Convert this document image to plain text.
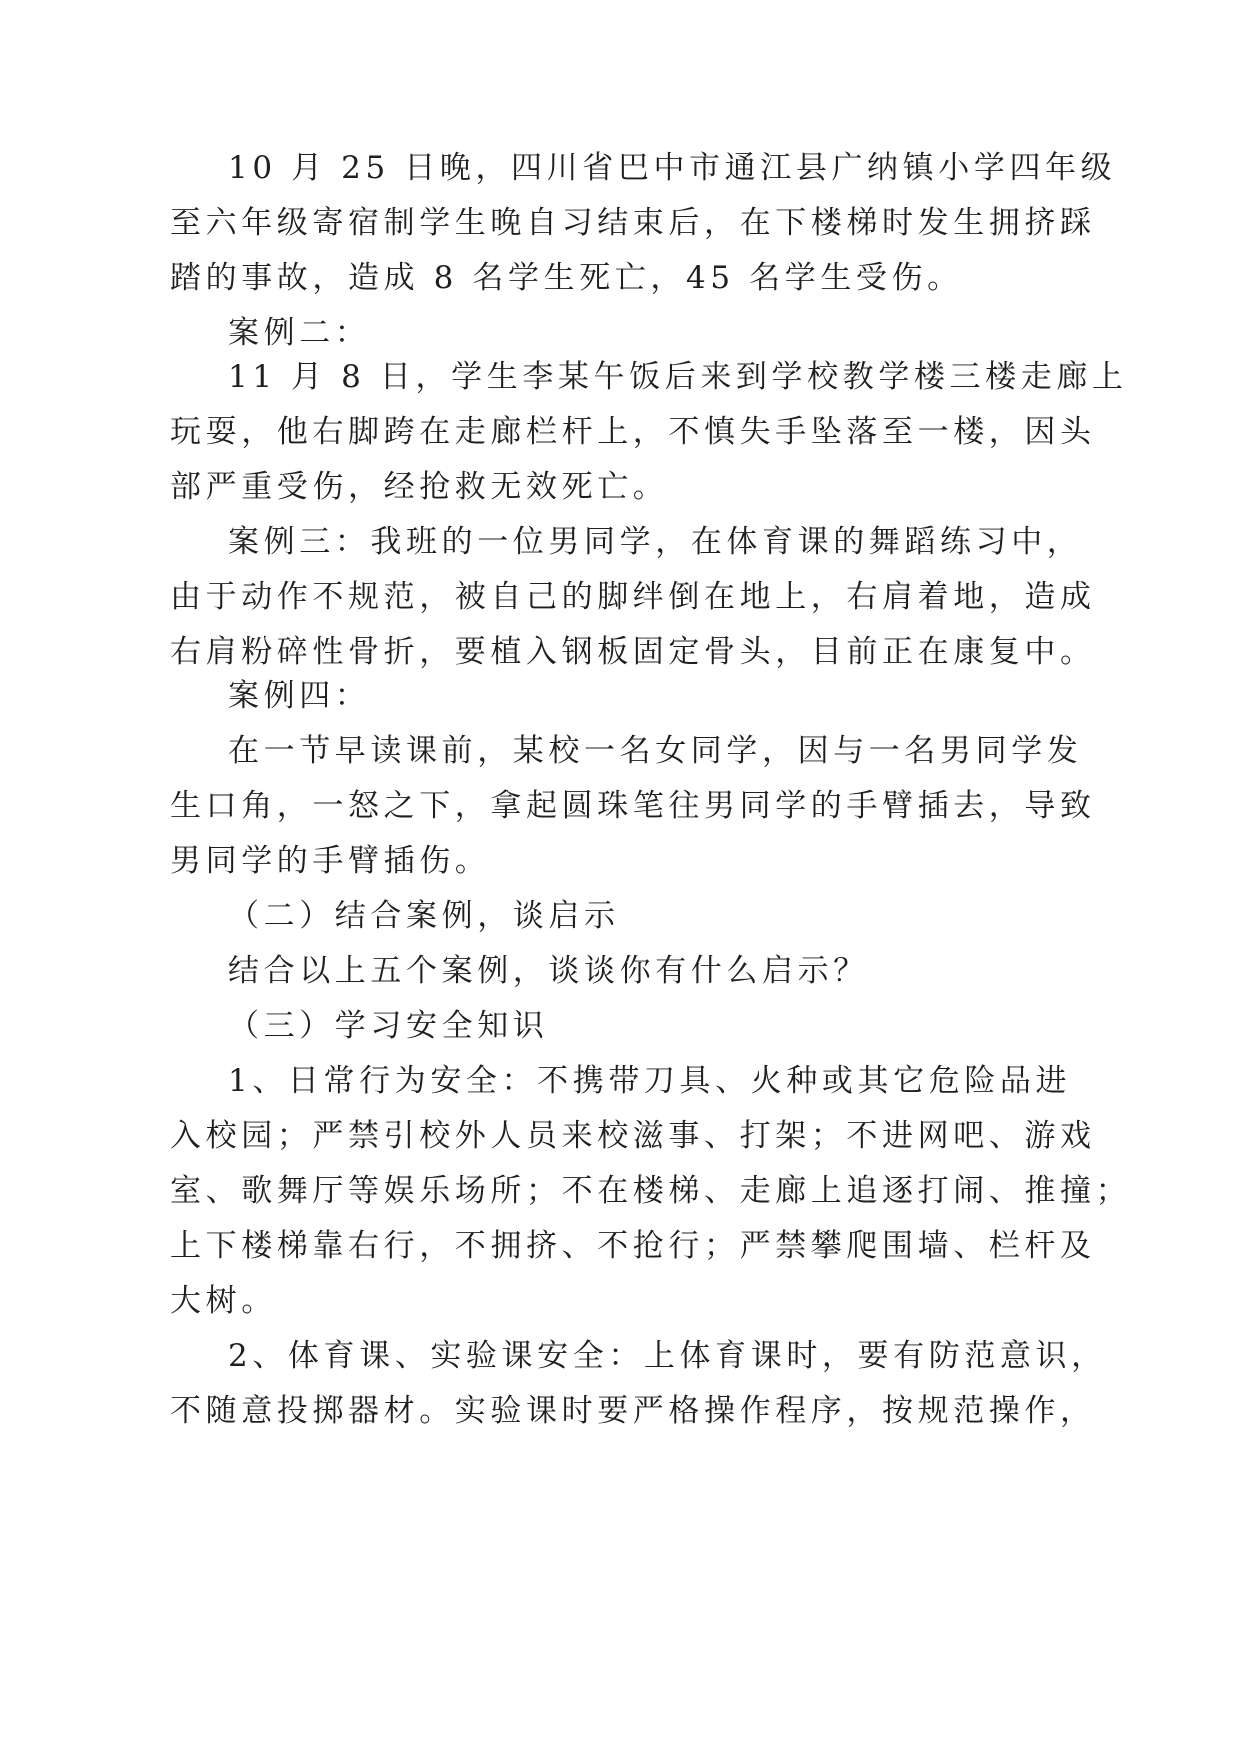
10 月 25 日晚，四川省巴中市通江县广纳镇小学四年级
至六年级寄宿制学生晚自习结束后，在下楼梯时发生拥挤踩
踏的事故，造成 8 名学生死亡，45 名学生受伤。
案例二：
11 月 8 日，学生李某午饭后来到学校教学楼三楼走廊上
玩耍，他右脚跨在走廊栏杆上，不慎失手坠落至一楼，因头
部严重受伤，经抢救无效死亡。
案例三：我班的一位男同学，在体育课的舞蹈练习中，
由于动作不规范，被自己的脚绊倒在地上，右肩着地，造成
右肩粉碎性骨折，要植入钢板固定骨头，目前正在康复中。
案例四：
在一节早读课前，某校一名女同学，因与一名男同学发
生口角，一怒之下，拿起圆珠笔往男同学的手臂插去，导致
男同学的手臂插伤。
（二）结合案例，谈启示
结合以上五个案例，谈谈你有什么启示？
（三）学习安全知识
1、日常行为安全：不携带刀具、火种或其它危险品进
入校园；严禁引校外人员来校滋事、打架；不进网吧、游戏
室、歌舞厅等娱乐场所；不在楼梯、走廊上追逐打闹、推撞；
上下楼梯靠右行，不拥挤、不抢行；严禁攀爬围墙、栏杆及
大树。
2、体育课、实验课安全：上体育课时，要有防范意识，
不随意投掷器材。实验课时要严格操作程序，按规范操作，
